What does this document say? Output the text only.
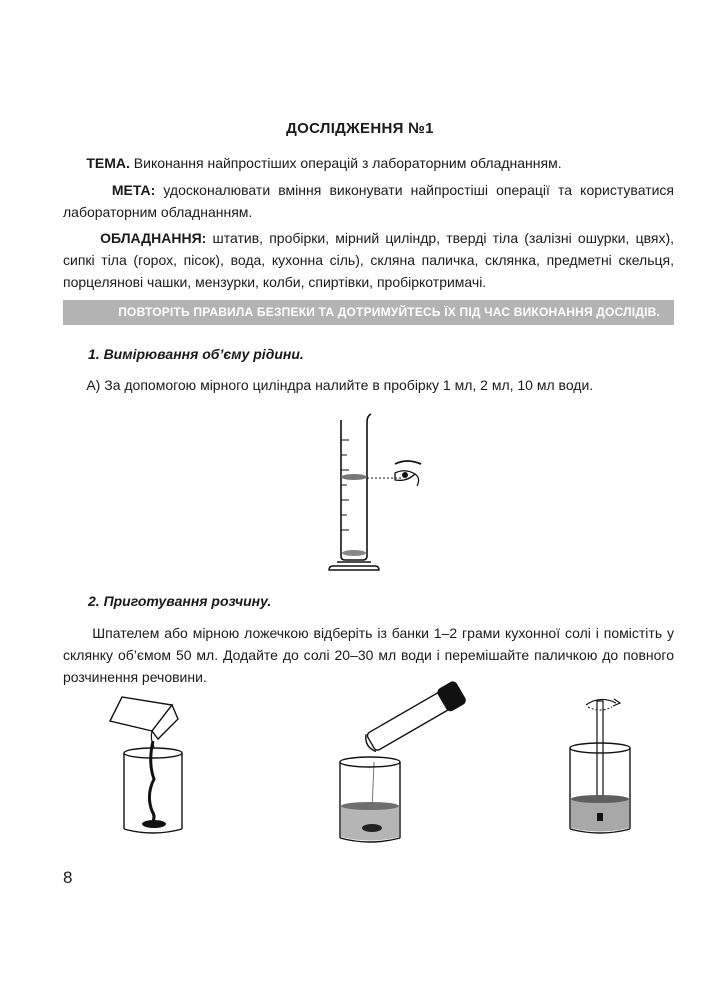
ДОСЛІДЖЕННЯ №1

ТЕМА. Виконання найпростіших операцій з лабораторним обладнанням.

МЕТА: удосконалювати вміння виконувати найпростіші операції та користуватися лабораторним обладнанням.

ОБЛАДНАННЯ: штатив, пробірки, мірний циліндр, тверді тіла (залізні ошурки, цвях), сипкі тіла (горох, пісок), вода, кухонна сіль), скляна паличка, склянка, предметні скельця, порцелянові чашки, мензурки, колби, спиртівки, пробіркотримачі.

ПОВТОРІТЬ ПРАВИЛА БЕЗПЕКИ ТА ДОТРИМУЙТЕСЬ ЇХ ПІД ЧАС ВИКОНАННЯ ДОСЛІДІВ.
1. Вимірювання об’єму рідини.

А) За допомогою мірного циліндра налийте в пробірку 1 мл, 2 мл, 10 мл води.

2. Приготування розчину.

Шпателем або мірною ложечкою відберіть із банки 1–2 грами кухонної солі і помістіть у склянку об’ємом 50 мл. Додайте до солі 20–30 мл води і перемішайте паличкою до повного розчинення речовини.

8
